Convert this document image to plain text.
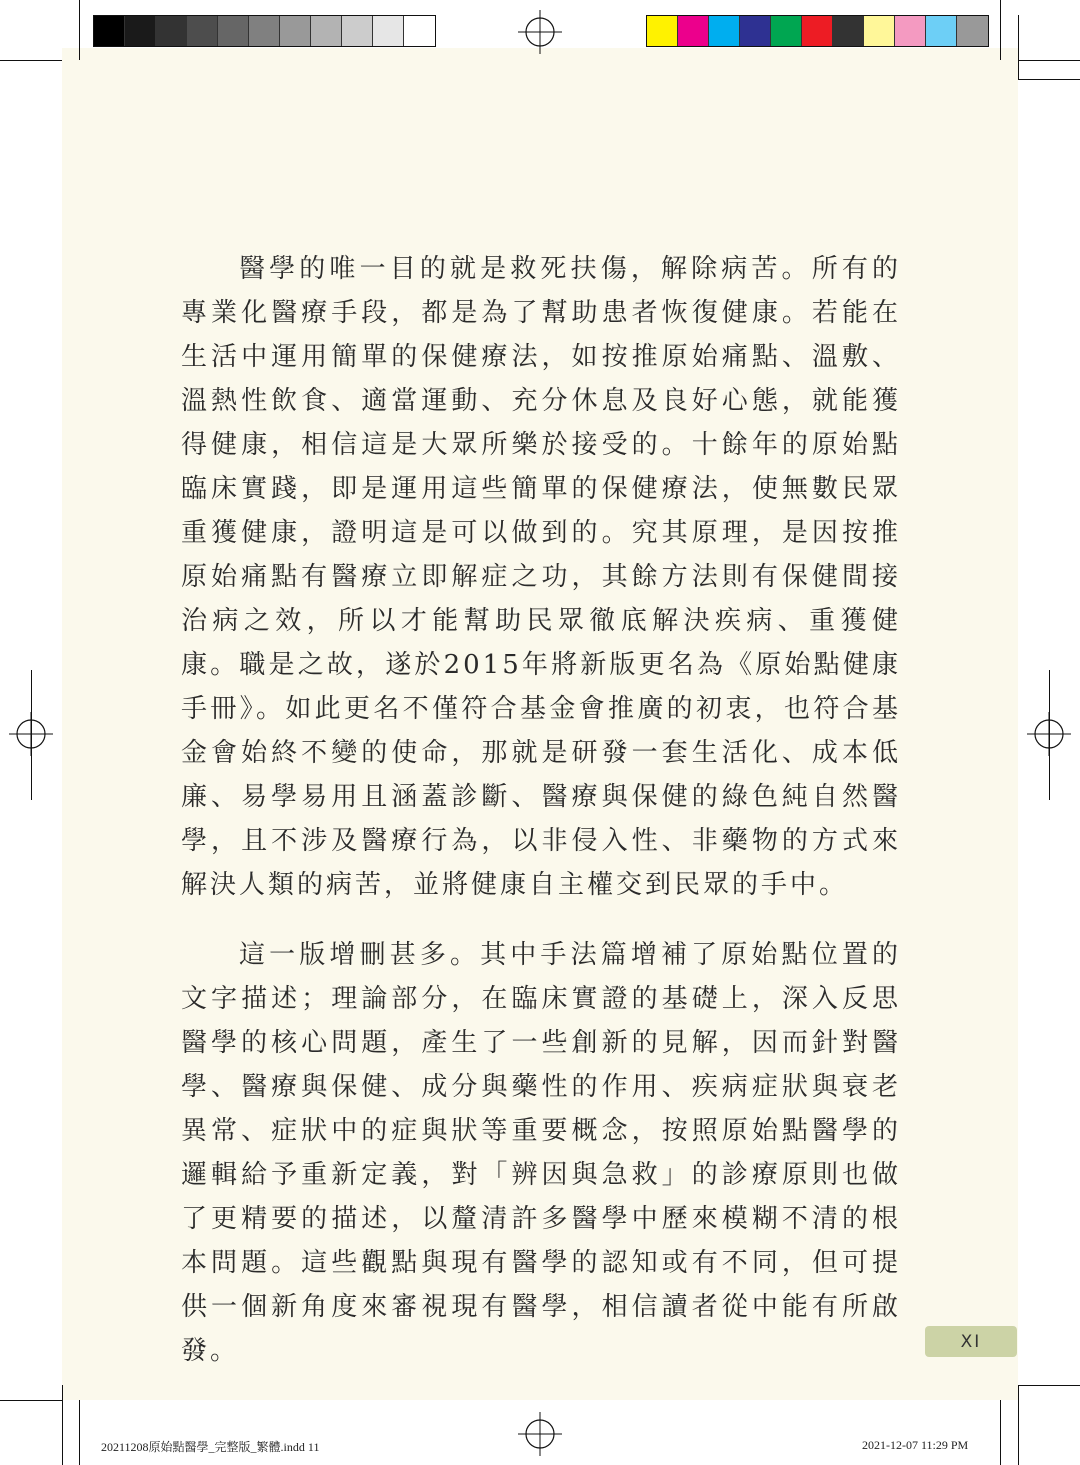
醫學的唯一目的就是救死扶傷，解除病苦。所有的專業化醫療手段，都是為了幫助患者恢復健康。若能在生活中運用簡單的保健療法，如按推原始痛點、溫敷、溫熱性飲食、適當運動、充分休息及良好心態，就能獲得健康，相信這是大眾所樂於接受的。十餘年的原始點臨床實踐，即是運用這些簡單的保健療法，使無數民眾重獲健康，證明這是可以做到的。究其原理，是因按推原始痛點有醫療立即解症之功，其餘方法則有保健間接治病之效，所以才能幫助民眾徹底解決疾病、重獲健康。職是之故，遂於2015年將新版更名為《原始點健康手冊》。如此更名不僅符合基金會推廣的初衷，也符合基金會始終不變的使命，那就是研發一套生活化、成本低廉、易學易用且涵蓋診斷、醫療與保健的綠色純自然醫學，且不涉及醫療行為，以非侵入性、非藥物的方式來解決人類的病苦，並將健康自主權交到民眾的手中。

這一版增刪甚多。其中手法篇增補了原始點位置的文字描述；理論部分，在臨床實證的基礎上，深入反思醫學的核心問題，產生了一些創新的見解，因而針對醫學、醫療與保健、成分與藥性的作用、疾病症狀與衰老異常、症狀中的症與狀等重要概念，按照原始點醫學的邏輯給予重新定義，對「辨因與急救」的診療原則也做了更精要的描述，以釐清許多醫學中歷來模糊不清的根本問題。這些觀點與現有醫學的認知或有不同，但可提供一個新角度來審視現有醫學，相信讀者從中能有所啟發。	XI
20211208原始點醫學_完整版_繁體.indd 11	2021-12-07 11:29 PM
